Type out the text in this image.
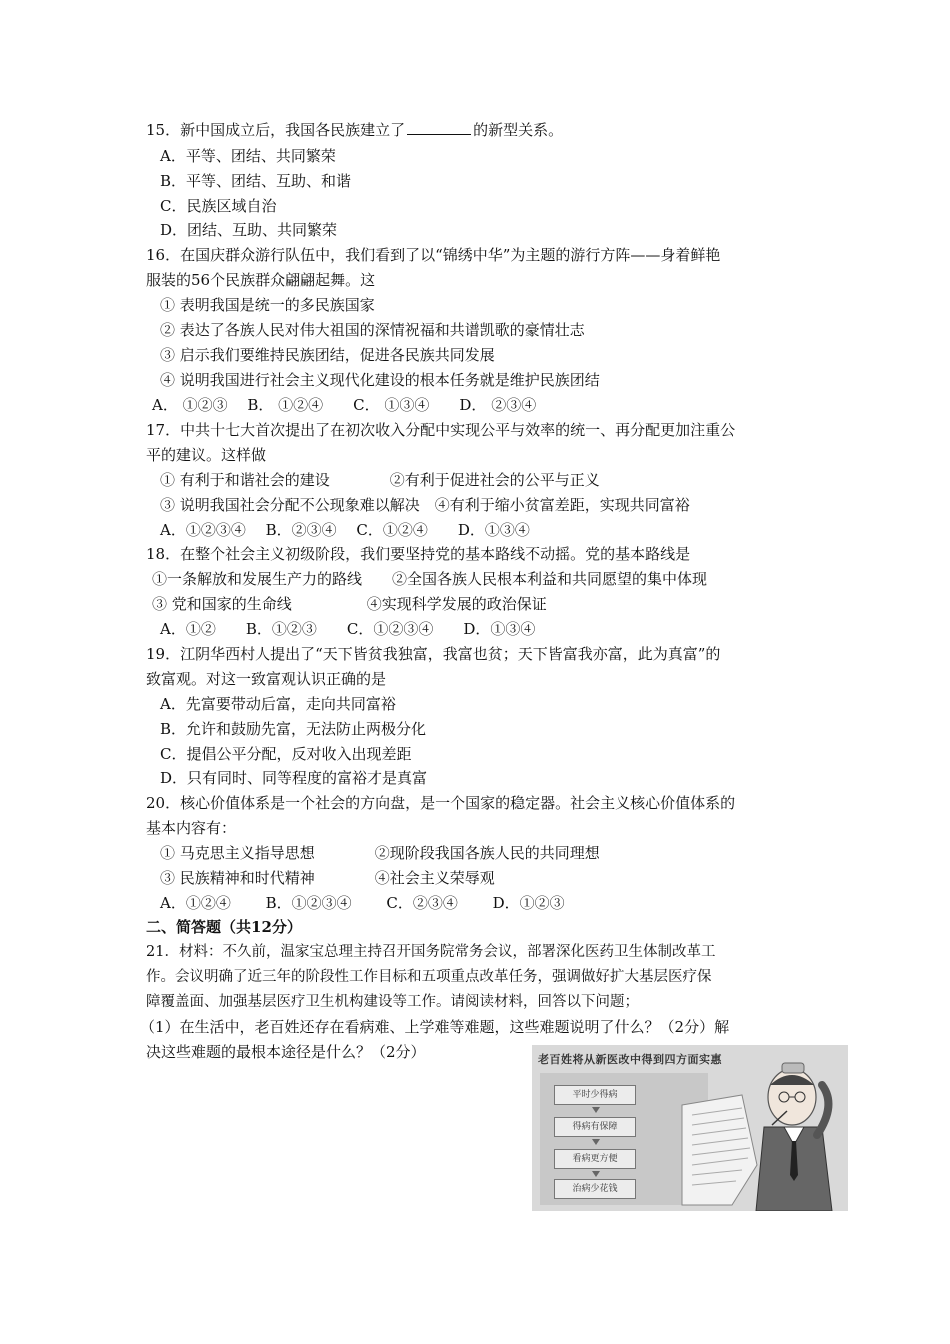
15．新中国成立后，我国各民族建立了	的新型关系。
A．平等、团结、共同繁荣
B．平等、团结、互助、和谐
C．民族区域自治
D．团结、互助、共同繁荣
16．在国庆群众游行队伍中，我们看到了以“锦绣中华”为主题的游行方阵——身着鲜艳
服装的56个民族群众翩翩起舞。这
① 表明我国是统一的多民族国家
② 表达了各族人民对伟大祖国的深情祝福和共谱凯歌的豪情壮志
③ 启示我们要维持民族团结，促进各民族共同发展
④ 说明我国进行社会主义现代化建设的根本任务就是维护民族团结
A． ①②③　 B． ①②④　　C． ①③④　　D． ②③④
17．中共十七大首次提出了在初次收入分配中实现公平与效率的统一、再分配更加注重公
平的建议。这样做
① 有利于和谐社会的建设　　　　②有利于促进社会的公平与正义
③ 说明我国社会分配不公现象难以解决　④有利于缩小贫富差距，实现共同富裕
A．①②③④　 B．②③④　 C．①②④　　D．①③④
18．在整个社会主义初级阶段，我们要坚持党的基本路线不动摇。党的基本路线是
①一条解放和发展生产力的路线　　②全国各族人民根本利益和共同愿望的集中体现
③ 党和国家的生命线　　　　　④实现科学发展的政治保证
A．①②　　B．①②③　　C．①②③④　　D．①③④
19．江阴华西村人提出了“天下皆贫我独富，我富也贫；天下皆富我亦富，此为真富”的
致富观。对这一致富观认识正确的是
A．先富要带动后富，走向共同富裕
B．允许和鼓励先富，无法防止两极分化
C．提倡公平分配，反对收入出现差距
D．只有同时、同等程度的富裕才是真富
20．核心价值体系是一个社会的方向盘，是一个国家的稳定器。社会主义核心价值体系的
基本内容有：
① 马克思主义指导思想　　　　②现阶段我国各族人民的共同理想
③ 民族精神和时代精神　　　　④社会主义荣辱观
A．①②④　　 B．①②③④　　 C．②③④　　 D．①②③
二、简答题（共12分）
21．材料：不久前，温家宝总理主持召开国务院常务会议，部署深化医药卫生体制改革工
作。会议明确了近三年的阶段性工作目标和五项重点改革任务，强调做好扩大基层医疗保
障覆盖面、加强基层医疗卫生机构建设等工作。请阅读材料，回答以下问题；
（1）在生活中，老百姓还存在看病难、上学难等难题，这些难题说明了什么？（2分）解
决这些难题的最根本途径是什么？（2分）	老百姓将从新医改中得到四方面实惠
平时少得病
得病有保障
看病更方便
治病少花钱
